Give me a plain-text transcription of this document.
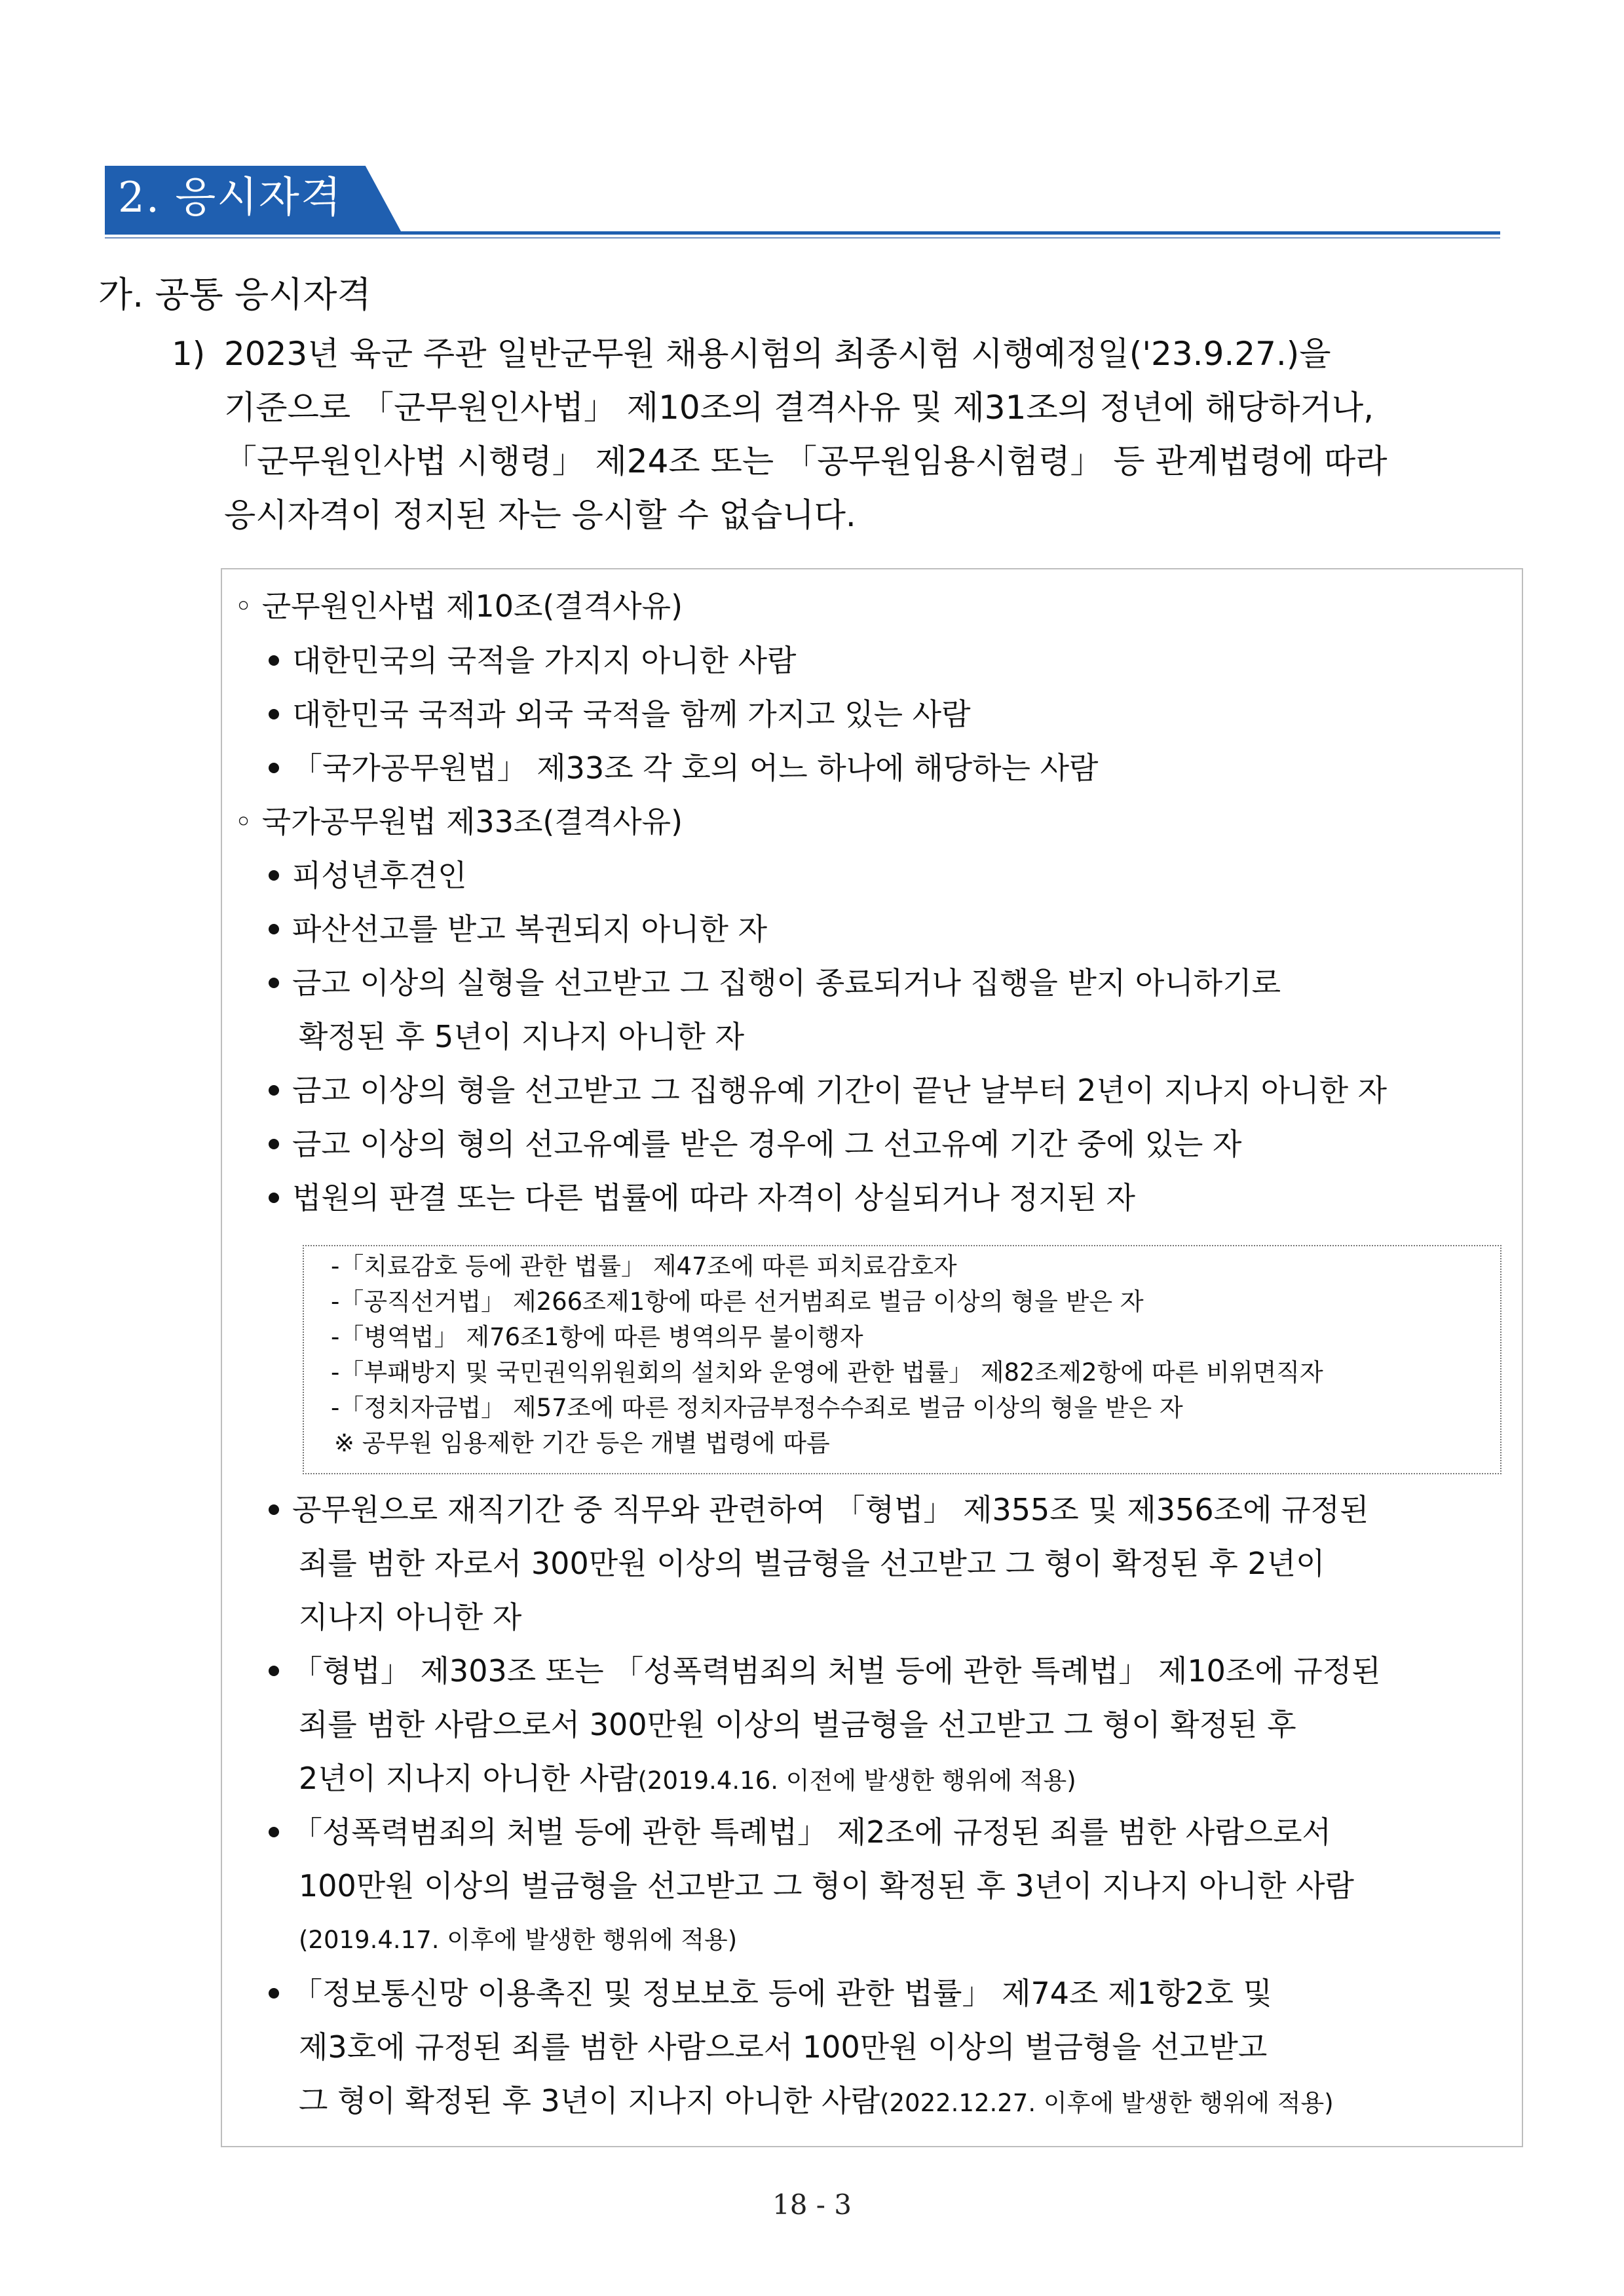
2. 응시자격
가. 공통 응시자격
1) 2023년 육군 주관 일반군무원 채용시험의 최종시험 시행예정일('23.9.27.)을
기준으로 「군무원인사법」 제10조의 결격사유 및 제31조의 정년에 해당하거나,
「군무원인사법 시행령」 제24조 또는 「공무원임용시험령」 등 관계법령에 따라
응시자격이 정지된 자는 응시할 수 없습니다.
◦ 군무원인사법 제10조(결격사유)
대한민국의 국적을 가지지 아니한 사람
대한민국 국적과 외국 국적을 함께 가지고 있는 사람
「국가공무원법」 제33조 각 호의 어느 하나에 해당하는 사람
◦ 국가공무원법 제33조(결격사유)
피성년후견인
파산선고를 받고 복권되지 아니한 자
금고 이상의 실형을 선고받고 그 집행이 종료되거나 집행을 받지 아니하기로
확정된 후 5년이 지나지 아니한 자
금고 이상의 형을 선고받고 그 집행유예 기간이 끝난 날부터 2년이 지나지 아니한 자
금고 이상의 형의 선고유예를 받은 경우에 그 선고유예 기간 중에 있는 자
법원의 판결 또는 다른 법률에 따라 자격이 상실되거나 정지된 자
-「치료감호 등에 관한 법률」 제47조에 따른 피치료감호자
-「공직선거법」 제266조제1항에 따른 선거범죄로 벌금 이상의 형을 받은 자
-「병역법」 제76조1항에 따른 병역의무 불이행자
-「부패방지 및 국민권익위원회의 설치와 운영에 관한 법률」 제82조제2항에 따른 비위면직자
-「정치자금법」 제57조에 따른 정치자금부정수수죄로 벌금 이상의 형을 받은 자
※ 공무원 임용제한 기간 등은 개별 법령에 따름
공무원으로 재직기간 중 직무와 관련하여 「형법」 제355조 및 제356조에 규정된
죄를 범한 자로서 300만원 이상의 벌금형을 선고받고 그 형이 확정된 후 2년이
지나지 아니한 자
「형법」 제303조 또는 「성폭력범죄의 처벌 등에 관한 특례법」 제10조에 규정된
죄를 범한 사람으로서 300만원 이상의 벌금형을 선고받고 그 형이 확정된 후
2년이 지나지 아니한 사람(2019.4.16. 이전에 발생한 행위에 적용)
「성폭력범죄의 처벌 등에 관한 특례법」 제2조에 규정된 죄를 범한 사람으로서
100만원 이상의 벌금형을 선고받고 그 형이 확정된 후 3년이 지나지 아니한 사람
(2019.4.17. 이후에 발생한 행위에 적용)
「정보통신망 이용촉진 및 정보보호 등에 관한 법률」 제74조 제1항2호 및
제3호에 규정된 죄를 범한 사람으로서 100만원 이상의 벌금형을 선고받고
그 형이 확정된 후 3년이 지나지 아니한 사람(2022.12.27. 이후에 발생한 행위에 적용)
18 - 3
